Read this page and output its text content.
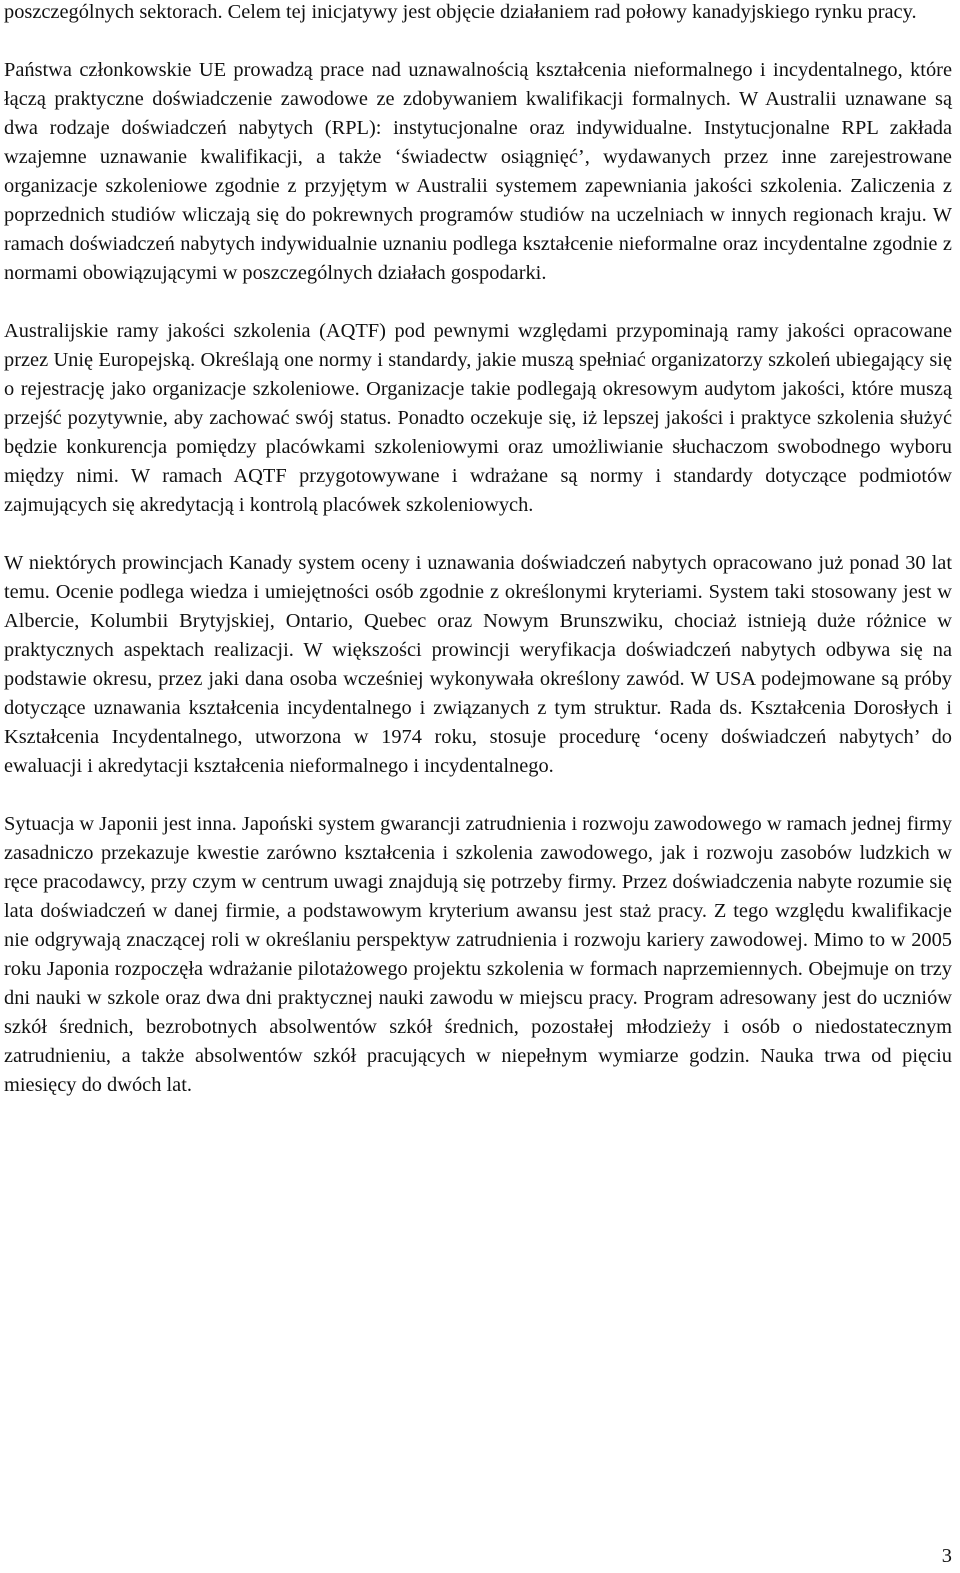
poszczególnych sektorach. Celem tej inicjatywy jest objęcie działaniem rad połowy kanadyjskiego rynku pracy.

Państwa członkowskie UE prowadzą prace nad uznawalnością kształcenia nieformalnego i incydentalnego, które łączą praktyczne doświadczenie zawodowe ze zdobywaniem kwalifikacji formalnych. W Australii uznawane są dwa rodzaje doświadczeń nabytych (RPL): instytucjonalne oraz indywidualne. Instytucjonalne RPL zakłada wzajemne uznawanie kwalifikacji, a także ‘świadectw osiągnięć’, wydawanych przez inne zarejestrowane organizacje szkoleniowe zgodnie z przyjętym w Australii systemem zapewniania jakości szkolenia. Zaliczenia z poprzednich studiów wliczają się do pokrewnych programów studiów na uczelniach w innych regionach kraju. W ramach doświadczeń nabytych indywidualnie uznaniu podlega kształcenie nieformalne oraz incydentalne zgodnie z normami obowiązującymi w poszczególnych działach gospodarki.

Australijskie ramy jakości szkolenia (AQTF) pod pewnymi względami przypominają ramy jakości opracowane przez Unię Europejską. Określają one normy i standardy, jakie muszą spełniać organizatorzy szkoleń ubiegający się o rejestrację jako organizacje szkoleniowe. Organizacje takie podlegają okresowym audytom jakości, które muszą przejść pozytywnie, aby zachować swój status. Ponadto oczekuje się, iż lepszej jakości i praktyce szkolenia służyć będzie konkurencja pomiędzy placówkami szkoleniowymi oraz umożliwianie słuchaczom swobodnego wyboru między nimi. W ramach AQTF przygotowywane i wdrażane są normy i standardy dotyczące podmiotów zajmujących się akredytacją i kontrolą placówek szkoleniowych.

W niektórych prowincjach Kanady system oceny i uznawania doświadczeń nabytych opracowano już ponad 30 lat temu. Ocenie podlega wiedza i umiejętności osób zgodnie z określonymi kryteriami. System taki stosowany jest w Albercie, Kolumbii Brytyjskiej, Ontario, Quebec oraz Nowym Brunszwiku, chociaż istnieją duże różnice w praktycznych aspektach realizacji. W większości prowincji weryfikacja doświadczeń nabytych odbywa się na podstawie okresu, przez jaki dana osoba wcześniej wykonywała określony zawód. W USA podejmowane są próby dotyczące uznawania kształcenia incydentalnego i związanych z tym struktur. Rada ds. Kształcenia Dorosłych i Kształcenia Incydentalnego, utworzona w 1974 roku, stosuje procedurę ‘oceny doświadczeń nabytych’ do ewaluacji i akredytacji kształcenia nieformalnego i incydentalnego.

Sytuacja w Japonii jest inna. Japoński system gwarancji zatrudnienia i rozwoju zawodowego w ramach jednej firmy zasadniczo przekazuje kwestie zarówno kształcenia i szkolenia zawodowego, jak i rozwoju zasobów ludzkich w ręce pracodawcy, przy czym w centrum uwagi znajdują się potrzeby firmy. Przez doświadczenia nabyte rozumie się lata doświadczeń w danej firmie, a podstawowym kryterium awansu jest staż pracy. Z tego względu kwalifikacje nie odgrywają znaczącej roli w określaniu perspektyw zatrudnienia i rozwoju kariery zawodowej. Mimo to w 2005 roku Japonia rozpoczęła wdrażanie pilotażowego projektu szkolenia w formach naprzemiennych. Obejmuje on trzy dni nauki w szkole oraz dwa dni praktycznej nauki zawodu w miejscu pracy. Program adresowany jest do uczniów szkół średnich, bezrobotnych absolwentów szkół średnich, pozostałej młodzieży i osób o niedostatecznym zatrudnieniu, a także absolwentów szkół pracujących w niepełnym wymiarze godzin. Nauka trwa od pięciu miesięcy do dwóch lat.

3
